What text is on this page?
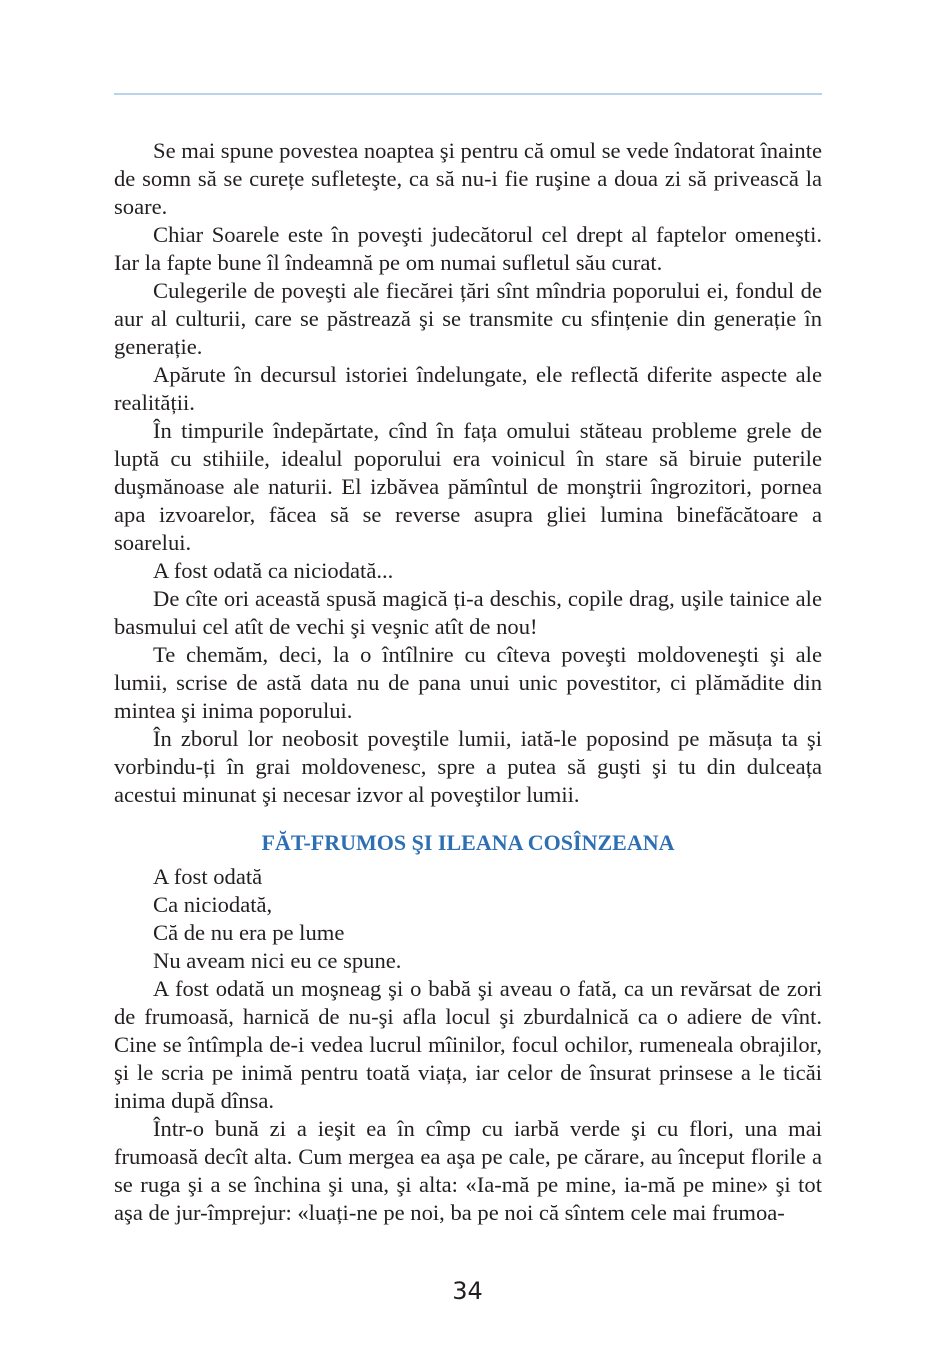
Se mai spune povestea noaptea şi pentru că omul se vede îndatorat înainte de somn să se curețe sufleteşte, ca să nu-i fie ruşine a doua zi să privească la soare.

Chiar Soarele este în poveşti judecătorul cel drept al faptelor omeneşti. Iar la fapte bune îl îndeamnă pe om numai sufletul său curat.

Culegerile de poveşti ale fiecărei țări sînt mîndria poporului ei, fondul de aur al culturii, care se păstrează şi se transmite cu sfințenie din generație în generație.

Apărute în decursul istoriei îndelungate, ele reflectă diferite aspecte ale realității.

În timpurile îndepărtate, cînd în fața omului stăteau probleme grele de luptă cu stihiile, idealul poporului era voinicul în stare să biruie puterile duşmănoase ale naturii. El izbăvea pămîntul de monştrii îngrozitori, pornea apa izvoarelor, făcea să se reverse asupra gliei lumina binefăcătoare a soarelui.

A fost odată ca niciodată...

De cîte ori această spusă magică ți-a deschis, copile drag, uşile tainice ale basmului cel atît de vechi şi veşnic atît de nou!

Te chemăm, deci, la o întîlnire cu cîteva poveşti moldoveneşti şi ale lumii, scrise de astă data nu de pana unui unic povestitor, ci plămădite din mintea şi inima poporului.

În zborul lor neobosit poveştile lumii, iată-le poposind pe măsuța ta şi vorbindu-ți în grai moldovenesc, spre a putea să guşti şi tu din dulceața acestui minunat şi necesar izvor al poveştilor lumii.

FĂT-FRUMOS ŞI ILEANA COSÎNZEANA

A fost odată

Ca niciodată,

Că de nu era pe lume

Nu aveam nici eu ce spune.

A fost odată un moşneag şi o babă şi aveau o fată, ca un revărsat de zori de frumoasă, harnică de nu-şi afla locul şi zburdalnică ca o adiere de vînt. Cine se întîmpla de-i vedea lucrul mîinilor, focul ochilor, rumeneala obrajilor, şi le scria pe inimă pentru toată viața, iar celor de însurat prinsese a le ticăi inima după dînsa.

Într-o bună zi a ieşit ea în cîmp cu iarbă verde şi cu flori, una mai frumoasă decît alta. Cum mergea ea aşa pe cale, pe cărare, au început florile a se ruga şi a se închina şi una, şi alta: «Ia-mă pe mine, ia-mă pe mine» şi tot aşa de jur-împrejur: «luați-ne pe noi, ba pe noi că sîntem cele mai frumoa-

34
